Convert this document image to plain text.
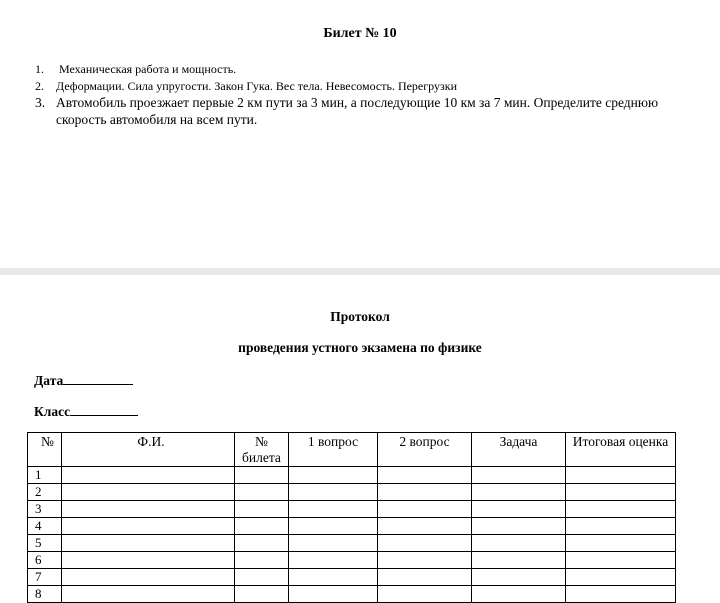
Билет № 10
1. Механическая работа и мощность.
2. Деформации. Сила упругости. Закон Гука. Вес тела. Невесомость. Перегрузки
3. Автомобиль проезжает первые 2 км пути за 3 мин, а последующие 10 км за 7 мин. Определите среднюю скорость автомобиля на всем пути.
Протокол
проведения устного экзамена по физике
Дата
Класс
№	Ф.И.	№ билета	1 вопрос	2 вопрос	Задача	Итоговая оценка
1						
2						
3						
4						
5						
6						
7						
8						
